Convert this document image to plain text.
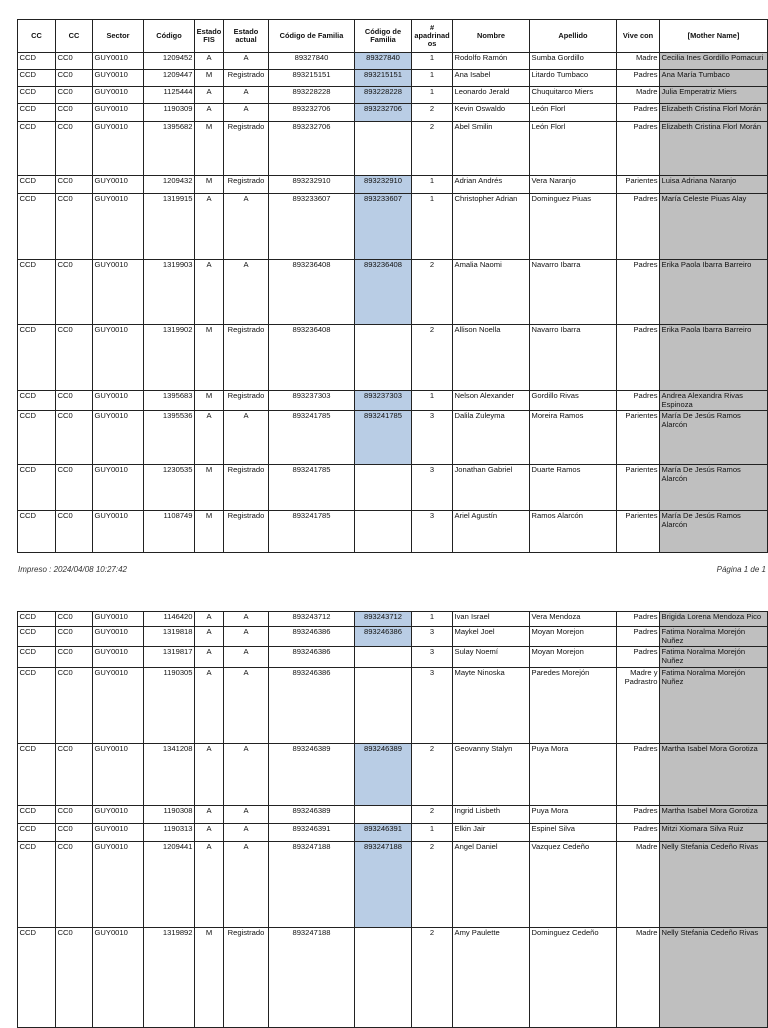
CC	CC	Sector	Código	Estado FIS	Estado actual	Código de Familia	Código de Familia	# apadrinados	Nombre	Apellido	Vive con	[Mother Name]
CCD	CC0	GUY0010	1209452	A	A	89327840	89327840	1	Rodolfo Ramón	Sumba Gordillo	Madre	Cecilia Ines Gordillo Pomacuri
CCD	CC0	GUY0010	1209447	M	Registrado	893215151	893215151	1	Ana Isabel	Litardo Tumbaco	Padres	Ana María Tumbaco
CCD	CC0	GUY0010	1125444	A	A	893228228	893228228	1	Leonardo Jerald	Chuquitarco Miers	Madre	Julia Emperatriz Miers
CCD	CC0	GUY0010	1190309	A	A	893232706	893232706	2	Kevin Oswaldo	León Florl	Padres	Elizabeth Cristina Florl Morán
CCD	CC0	GUY0010	1395682	M	Registrado	893232706		2	Abel Smilin	León Florl	Padres	Elizabeth Cristina Florl Morán
CCD	CC0	GUY0010	1209432	M	Registrado	893232910	893232910	1	Adrian Andrés	Vera Naranjo	Parientes	Luisa Adriana Naranjo
CCD	CC0	GUY0010	1319915	A	A	893233607	893233607	1	Christopher Adrian	Dominguez Piuas	Padres	María Celeste Piuas Alay
CCD	CC0	GUY0010	1319903	A	A	893236408	893236408	2	Amalia Naomi	Navarro Ibarra	Padres	Erika Paola Ibarra Barreiro
CCD	CC0	GUY0010	1319902	M	Registrado	893236408		2	Allison Noella	Navarro Ibarra	Padres	Erika Paola Ibarra Barreiro
CCD	CC0	GUY0010	1395683	M	Registrado	893237303	893237303	1	Nelson Alexander	Gordillo Rivas	Padres	Andrea Alexandra Rivas Espinoza
CCD	CC0	GUY0010	1395536	A	A	893241785	893241785	3	Dalila Zuleyma	Moreira Ramos	Parientes	María De Jesús Ramos Alarcón
CCD	CC0	GUY0010	1230535	M	Registrado	893241785		3	Jonathan Gabriel	Duarte Ramos	Parientes	María De Jesús Ramos Alarcón
CCD	CC0	GUY0010	1108749	M	Registrado	893241785		3	Ariel Agustín	Ramos Alarcón	Parientes	María De Jesús Ramos Alarcón
Impreso : 2024/04/08 10:27:42	Página 1 de 1
CCD	CC0	GUY0010	1146420	A	A	893243712	893243712	1	Ivan Israel	Vera Mendoza	Padres	Brigida Lorena Mendoza Pico
CCD	CC0	GUY0010	1319818	A	A	893246386	893246386	3	Maykel Joel	Moyan Morejon	Padres	Fatima Noralma Morejón Nuñez
CCD	CC0	GUY0010	1319817	A	A	893246386		3	Sulay Noemí	Moyan Morejon	Padres	Fatima Noralma Morejón Nuñez
CCD	CC0	GUY0010	1190305	A	A	893246386		3	Mayte Ninoska	Paredes Morejón	Madre y Padrastro	Fatima Noralma Morejón Nuñez
CCD	CC0	GUY0010	1341208	A	A	893246389	893246389	2	Geovanny Stalyn	Puya Mora	Padres	Martha Isabel Mora Gorotiza
CCD	CC0	GUY0010	1190308	A	A	893246389		2	Ingrid Lisbeth	Puya Mora	Padres	Martha Isabel Mora Gorotiza
CCD	CC0	GUY0010	1190313	A	A	893246391	893246391	1	Elkin Jair	Espinel Silva	Padres	Mitzi Xiomara Silva Ruiz
CCD	CC0	GUY0010	1209441	A	A	893247188	893247188	2	Angel Daniel	Vazquez Cedeño	Madre	Nelly Stefania Cedeño Rivas
CCD	CC0	GUY0010	1319892	M	Registrado	893247188		2	Amy Paulette	Dominguez Cedeño	Madre	Nelly Stefania Cedeño Rivas
